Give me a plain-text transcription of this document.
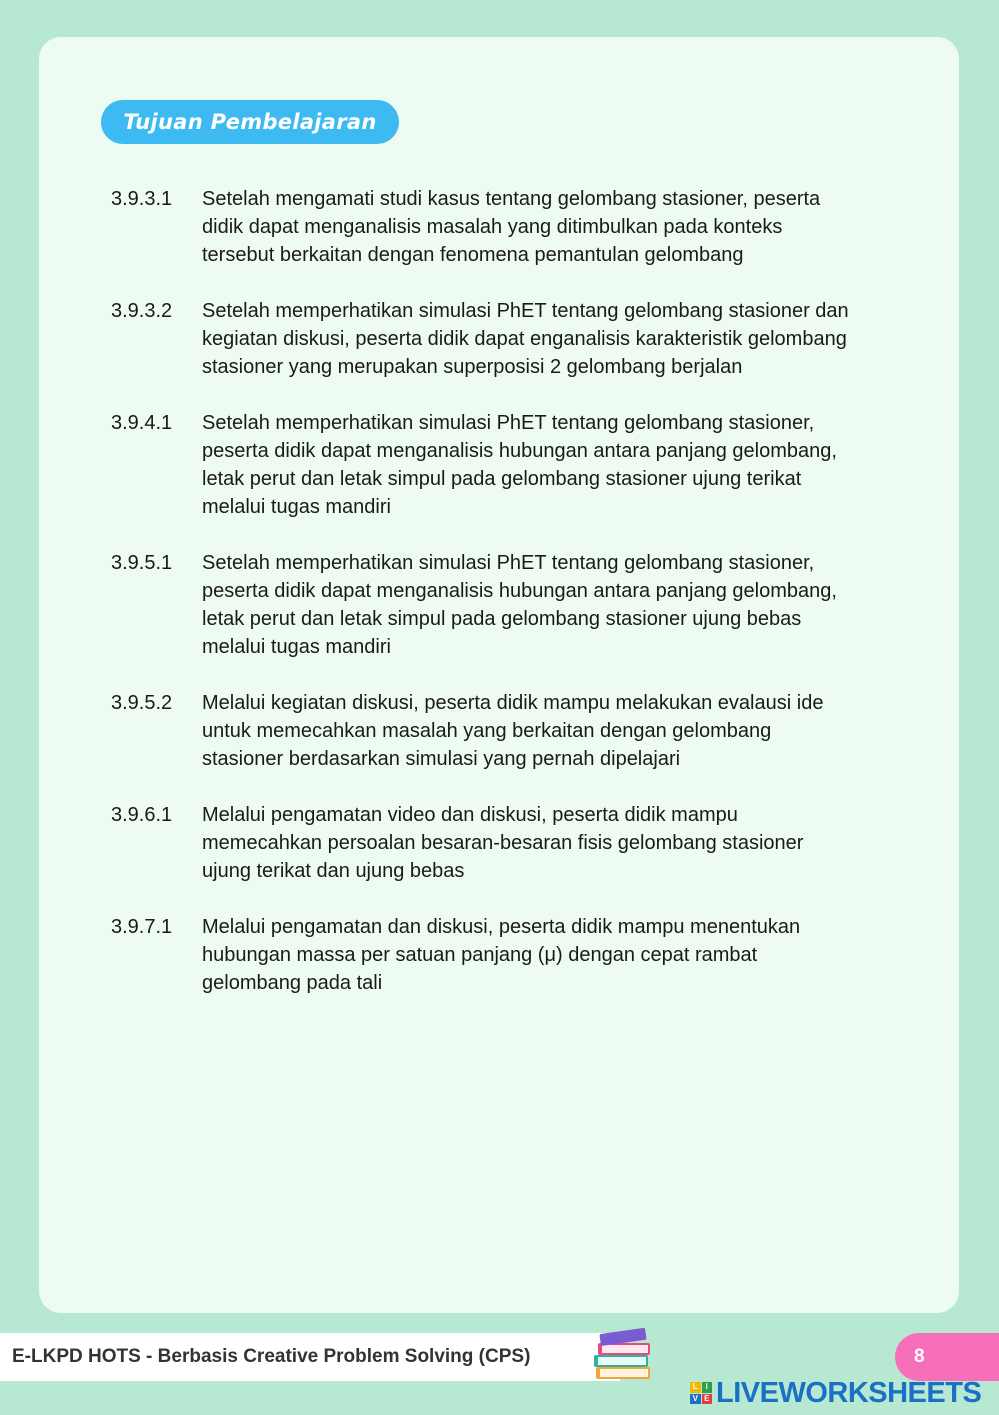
Tujuan Pembelajaran
3.9.3.1	Setelah mengamati studi kasus tentang gelombang stasioner, peserta didik dapat menganalisis masalah yang ditimbulkan pada konteks tersebut berkaitan dengan fenomena pemantulan gelombang
3.9.3.2	Setelah memperhatikan simulasi PhET tentang gelombang stasioner dan kegiatan diskusi, peserta didik dapat enganalisis karakteristik gelombang stasioner yang merupakan superposisi 2 gelombang berjalan
3.9.4.1	Setelah memperhatikan simulasi PhET tentang gelombang stasioner, peserta didik dapat menganalisis hubungan antara panjang gelombang, letak perut dan letak simpul pada gelombang stasioner ujung terikat melalui tugas mandiri
3.9.5.1	Setelah memperhatikan simulasi PhET tentang gelombang stasioner, peserta didik dapat menganalisis hubungan antara panjang gelombang, letak perut dan letak simpul pada gelombang stasioner ujung bebas melalui tugas mandiri
3.9.5.2	Melalui kegiatan diskusi, peserta didik mampu melakukan evalausi ide untuk memecahkan masalah yang berkaitan dengan gelombang stasioner berdasarkan simulasi yang pernah dipelajari
3.9.6.1	Melalui pengamatan video dan diskusi, peserta didik mampu memecahkan persoalan besaran-besaran fisis gelombang stasioner ujung terikat dan ujung bebas
3.9.7.1	Melalui pengamatan dan diskusi, peserta didik mampu menentukan hubungan massa per satuan panjang (μ) dengan cepat rambat gelombang pada tali
E-LKPD HOTS - Berbasis Creative Problem Solving (CPS)	8
L I
V E LIVEWORKSHEETS
